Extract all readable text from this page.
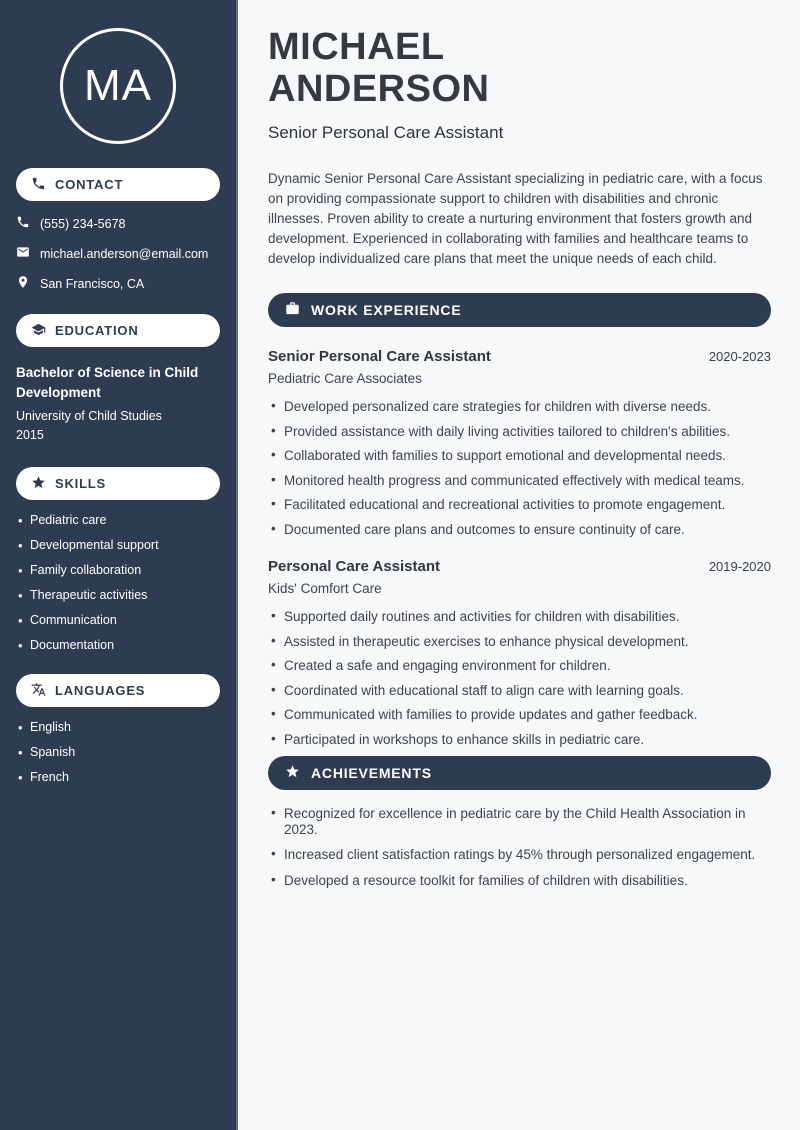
MA
CONTACT
(555) 234-5678
michael.anderson@email.com
San Francisco, CA
EDUCATION
Bachelor of Science in Child Development
University of Child Studies
2015
SKILLS
• Pediatric care
• Developmental support
• Family collaboration
• Therapeutic activities
• Communication
• Documentation
LANGUAGES
• English
• Spanish
• French
MICHAEL
ANDERSON
Senior Personal Care Assistant

Dynamic Senior Personal Care Assistant specializing in pediatric care, with a focus on providing compassionate support to children with disabilities and chronic illnesses. Proven ability to create a nurturing environment that fosters growth and development. Experienced in collaborating with families and healthcare teams to develop individualized care plans that meet the unique needs of each child.

WORK EXPERIENCE
Senior Personal Care Assistant	2020-2023
Pediatric Care Associates
• Developed personalized care strategies for children with diverse needs.
• Provided assistance with daily living activities tailored to children's abilities.
• Collaborated with families to support emotional and developmental needs.
• Monitored health progress and communicated effectively with medical teams.
• Facilitated educational and recreational activities to promote engagement.
• Documented care plans and outcomes to ensure continuity of care.
Personal Care Assistant	2019-2020
Kids' Comfort Care
• Supported daily routines and activities for children with disabilities.
• Assisted in therapeutic exercises to enhance physical development.
• Created a safe and engaging environment for children.
• Coordinated with educational staff to align care with learning goals.
• Communicated with families to provide updates and gather feedback.
• Participated in workshops to enhance skills in pediatric care.
ACHIEVEMENTS
• Recognized for excellence in pediatric care by the Child Health Association in 2023.
• Increased client satisfaction ratings by 45% through personalized engagement.
• Developed a resource toolkit for families of children with disabilities.
